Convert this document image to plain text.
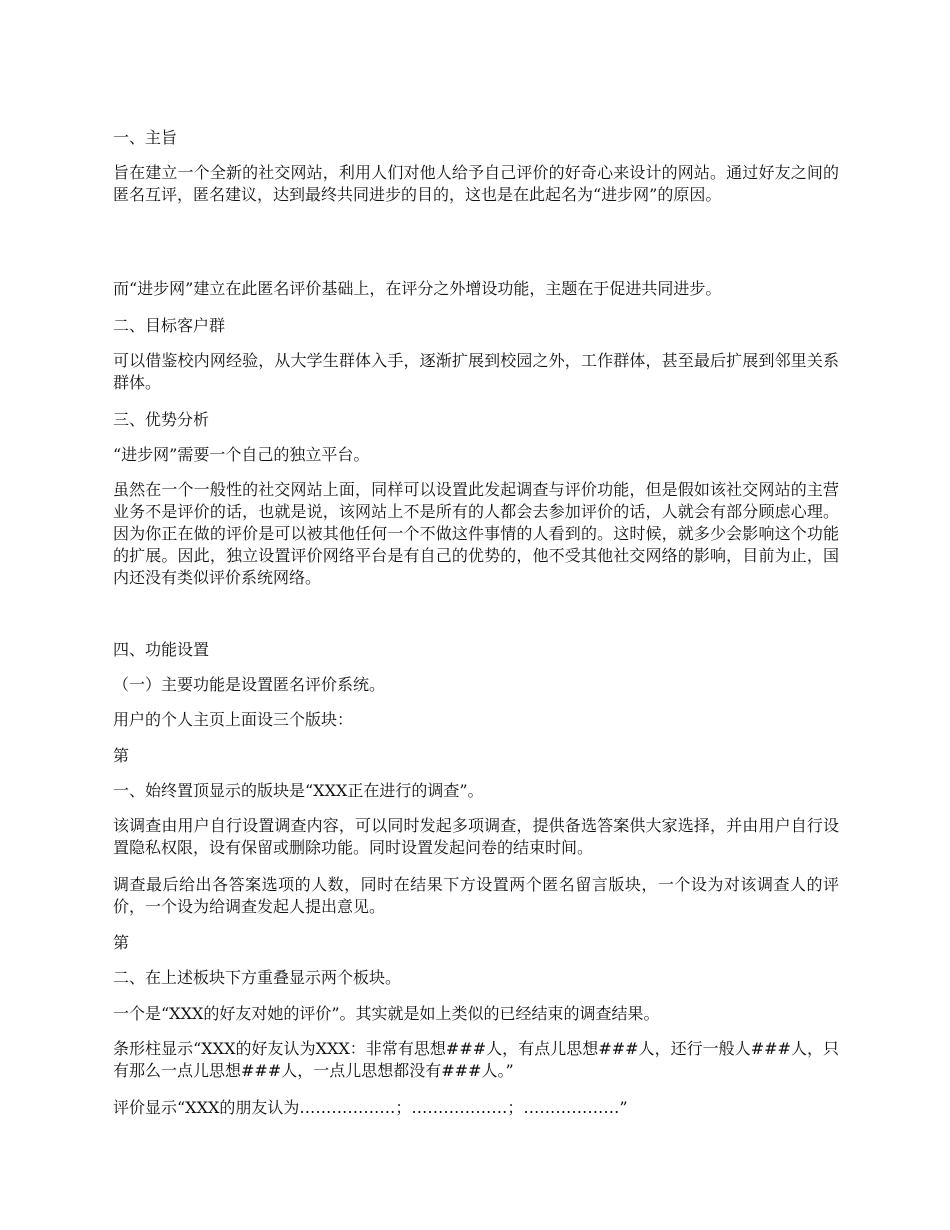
一、主旨

旨在建立一个全新的社交网站，利用人们对他人给予自己评价的好奇心来设计的网站。通过好友之间的匿名互评，匿名建议，达到最终共同进步的目的，这也是在此起名为“进步网”的原因。

而“进步网”建立在此匿名评价基础上，在评分之外增设功能，主题在于促进共同进步。

二、目标客户群

可以借鉴校内网经验，从大学生群体入手，逐渐扩展到校园之外，工作群体，甚至最后扩展到邻里关系群体。

三、优势分析

“进步网”需要一个自己的独立平台。

虽然在一个一般性的社交网站上面，同样可以设置此发起调查与评价功能，但是假如该社交网站的主营业务不是评价的话，也就是说，该网站上不是所有的人都会去参加评价的话，人就会有部分顾虑心理。因为你正在做的评价是可以被其他任何一个不做这件事情的人看到的。这时候，就多少会影响这个功能的扩展。因此，独立设置评价网络平台是有自己的优势的，他不受其他社交网络的影响，目前为止，国内还没有类似评价系统网络。

四、功能设置

（一）主要功能是设置匿名评价系统。

用户的个人主页上面设三个版块：

第

一、始终置顶显示的版块是“XXX正在进行的调查”。

该调查由用户自行设置调查内容，可以同时发起多项调查，提供备选答案供大家选择，并由用户自行设置隐私权限，设有保留或删除功能。同时设置发起问卷的结束时间。

调查最后给出各答案选项的人数，同时在结果下方设置两个匿名留言版块，一个设为对该调查人的评价，一个设为给调查发起人提出意见。

第

二、在上述板块下方重叠显示两个板块。

一个是“XXX的好友对她的评价”。其实就是如上类似的已经结束的调查结果。

条形柱显示“XXX的好友认为XXX：非常有思想###人，有点儿思想###人，还行一般人###人，只有那么一点儿思想###人，一点儿思想都没有###人。”

评价显示“XXX的朋友认为………………；………………；………………”
